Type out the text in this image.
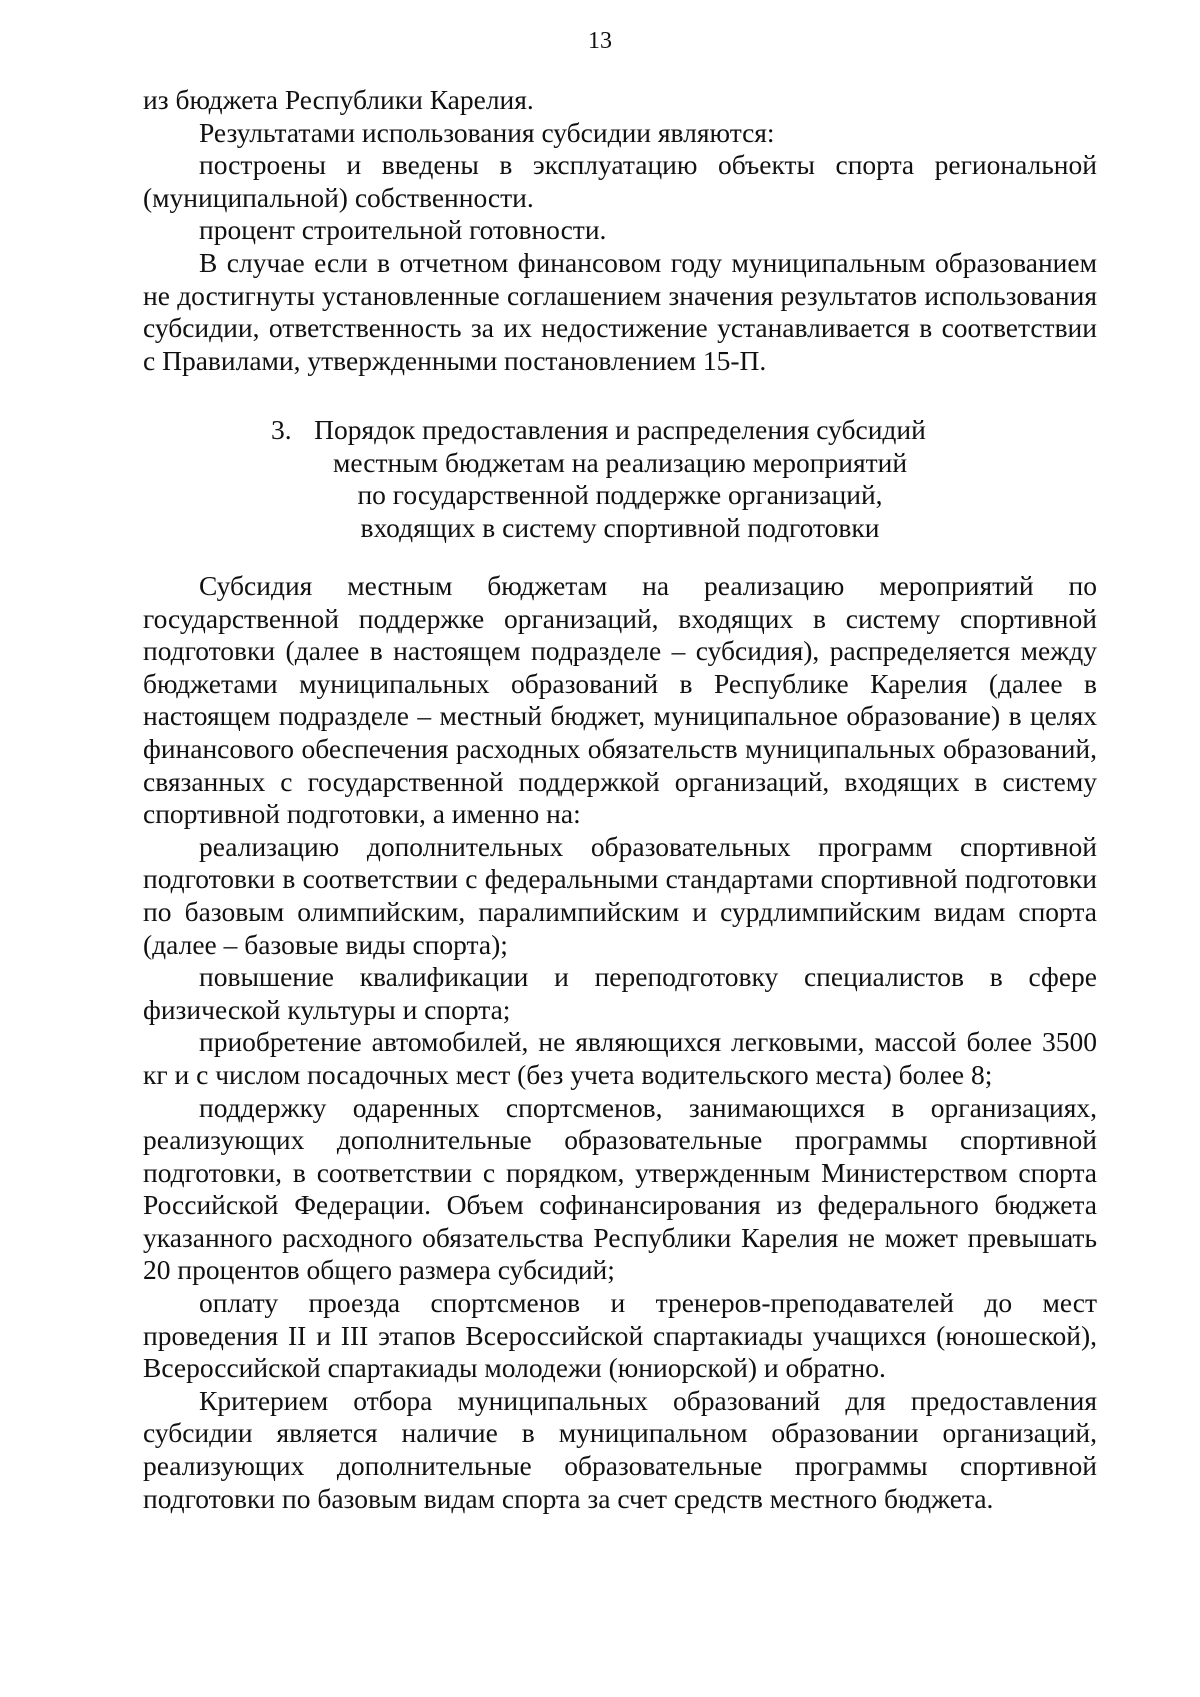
13

из бюджета Республики Карелия.

Результатами использования субсидии являются:

построены и введены в эксплуатацию объекты спорта региональной (муниципальной) собственности.

процент строительной готовности.

В случае если в отчетном финансовом году муниципальным образованием не достигнуты установленные соглашением значения результатов использования субсидии, ответственность за их недостижение устанавливается в соответствии с Правилами, утвержденными постановлением 15-П.

3. Порядок предоставления и распределения субсидий
местным бюджетам на реализацию мероприятий
по государственной поддержке организаций,
входящих в систему спортивной подготовки

Субсидия местным бюджетам на реализацию мероприятий по государственной поддержке организаций, входящих в систему спортивной подготовки (далее в настоящем подразделе – субсидия), распределяется между бюджетами муниципальных образований в Республике Карелия (далее в настоящем подразделе – местный бюджет, муниципальное образование) в целях финансового обеспечения расходных обязательств муниципальных образований, связанных с государственной поддержкой организаций, входящих в систему спортивной подготовки, а именно на:

реализацию дополнительных образовательных программ спортивной подготовки в соответствии с федеральными стандартами спортивной подготовки по базовым олимпийским, паралимпийским и сурдлимпийским видам спорта (далее – базовые виды спорта);

повышение квалификации и переподготовку специалистов в сфере физической культуры и спорта;

приобретение автомобилей, не являющихся легковыми, массой более 3500 кг и с числом посадочных мест (без учета водительского места) более 8;

поддержку одаренных спортсменов, занимающихся в организациях, реализующих дополнительные образовательные программы спортивной подготовки, в соответствии с порядком, утвержденным Министерством спорта Российской Федерации. Объем софинансирования из федерального бюджета указанного расходного обязательства Республики Карелия не может превышать 20 процентов общего размера субсидий;

оплату проезда спортсменов и тренеров-преподавателей до мест проведения II и III этапов Всероссийской спартакиады учащихся (юношеской), Всероссийской спартакиады молодежи (юниорской) и обратно.

Критерием отбора муниципальных образований для предоставления субсидии является наличие в муниципальном образовании организаций, реализующих дополнительные образовательные программы спортивной подготовки по базовым видам спорта за счет средств местного бюджета.
